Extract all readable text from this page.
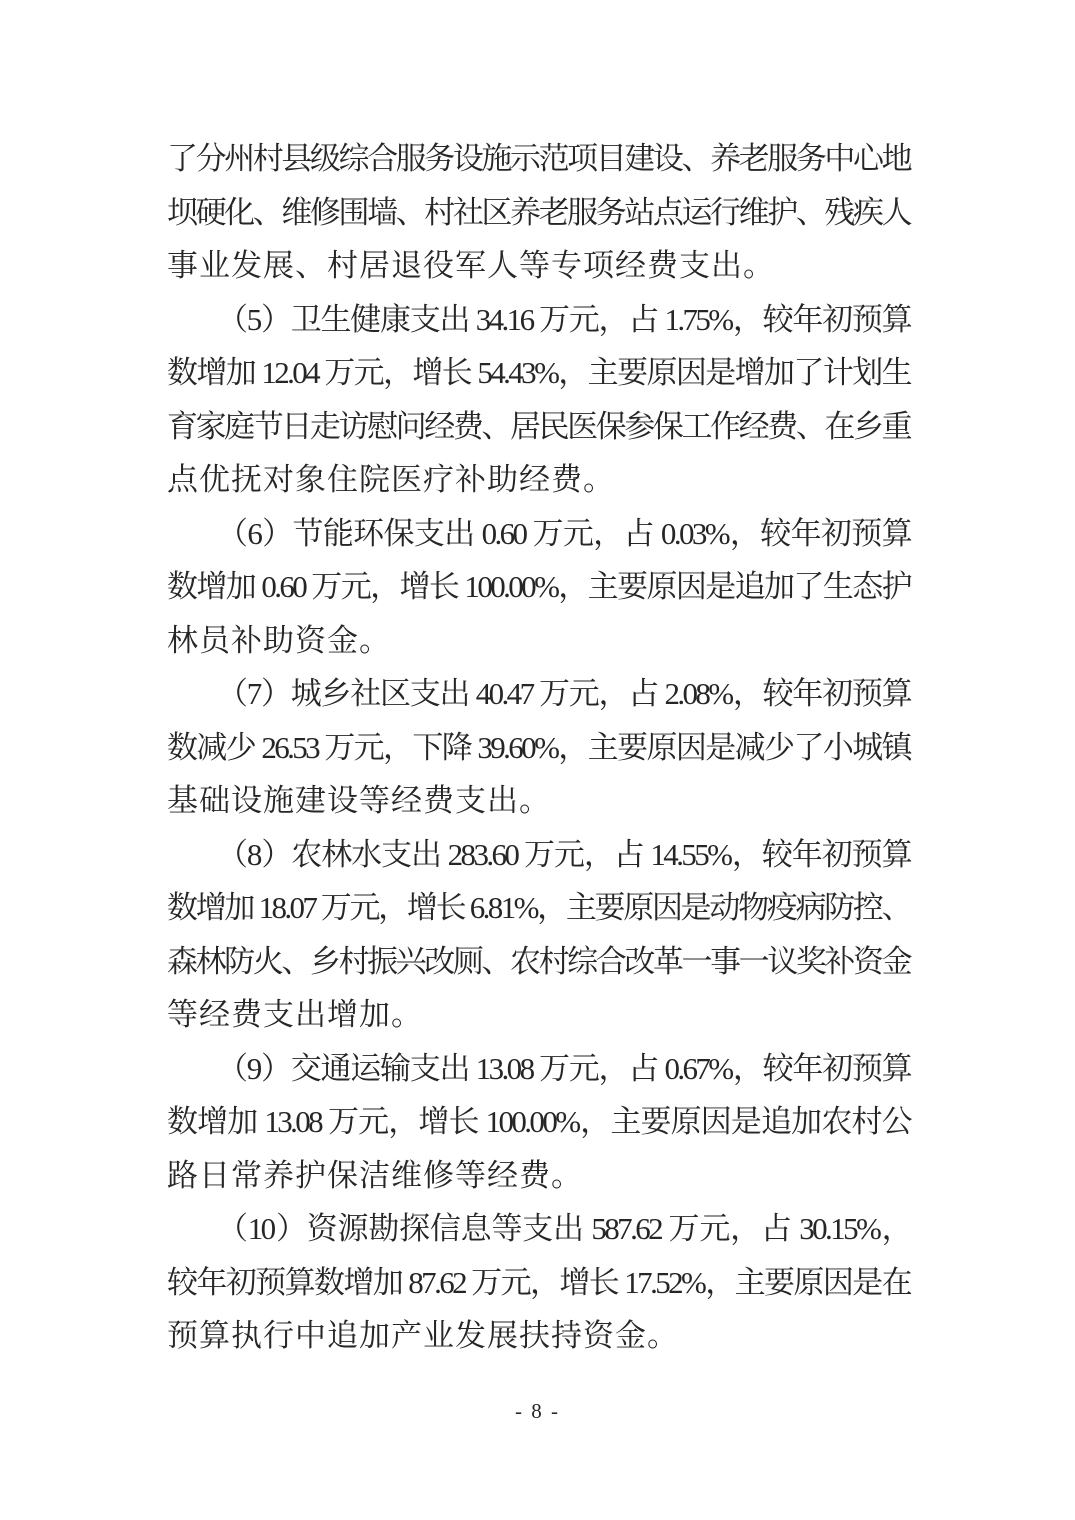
了分州村县级综合服务设施示范项目建设、养老服务中心地
坝硬化、维修围墙、村社区养老服务站点运行维护、残疾人
事业发展、村居退役军人等专项经费支出。
（5）卫生健康支出 34.16 万元，占 1.75%，较年初预算
数增加 12.04 万元，增长 54.43%，主要原因是增加了计划生
育家庭节日走访慰问经费、居民医保参保工作经费、在乡重
点优抚对象住院医疗补助经费。
（6）节能环保支出 0.60 万元，占 0.03%，较年初预算
数增加 0.60 万元，增长 100.00%，主要原因是追加了生态护
林员补助资金。
（7）城乡社区支出 40.47 万元，占 2.08%，较年初预算
数减少 26.53 万元，下降 39.60%，主要原因是减少了小城镇
基础设施建设等经费支出。
（8）农林水支出 283.60 万元，占 14.55%，较年初预算
数增加 18.07 万元，增长 6.81%，主要原因是动物疫病防控、
森林防火、乡村振兴改厕、农村综合改革一事一议奖补资金
等经费支出增加。
（9）交通运输支出 13.08 万元，占 0.67%，较年初预算
数增加 13.08 万元，增长 100.00%，主要原因是追加农村公
路日常养护保洁维修等经费。
（10）资源勘探信息等支出 587.62 万元，占 30.15%，
较年初预算数增加 87.62 万元，增长 17.52%，主要原因是在
预算执行中追加产业发展扶持资金。
- 8 -
